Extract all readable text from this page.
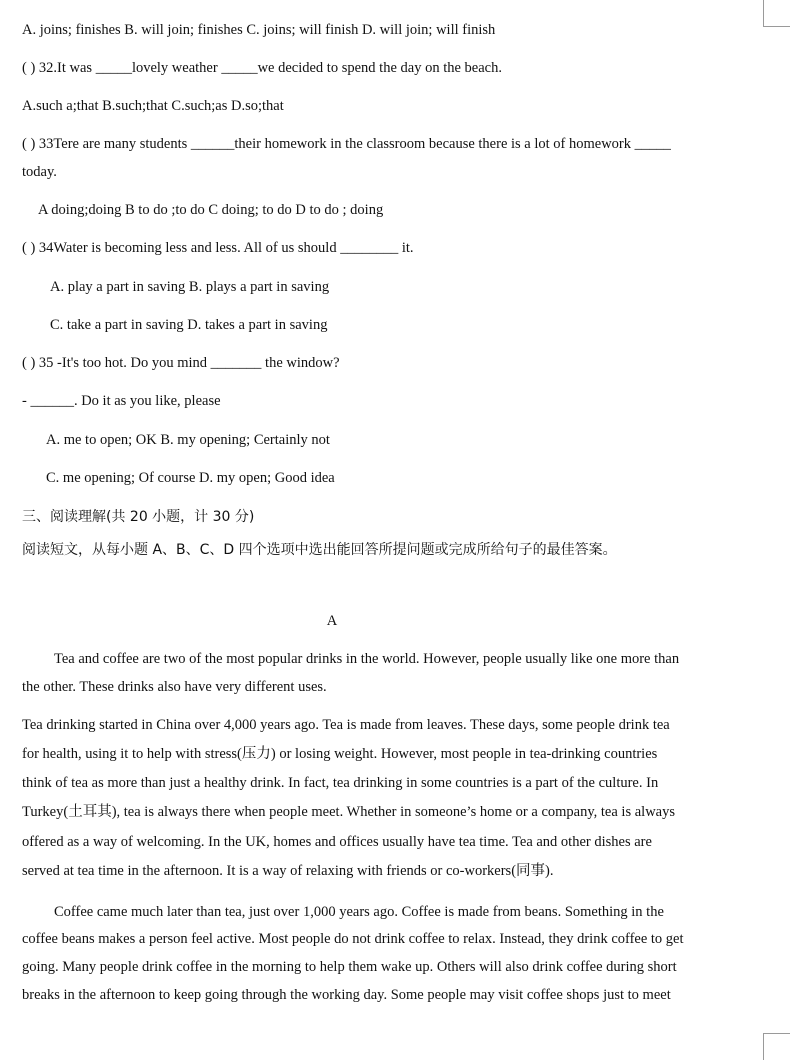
A. joins; finishes B. will join; finishes C. joins; will finish D. will join; will finish
( ) 32.It was _____lovely weather _____we decided to spend the day on the beach.
A.such a;that B.such;that C.such;as D.so;that
( ) 33Tere are many students ______their homework in the classroom because there is a lot of homework _____
today.
A doing;doing B to do ;to do C doing; to do D to do ; doing
( ) 34Water is becoming less and less. All of us should ________ it.
A. play a part in saving B. plays a part in saving
C. take a part in saving D. takes a part in saving
( ) 35 -It's too hot. Do you mind _______ the window?
- ______. Do it as you like, please
A. me to open; OK B. my opening; Certainly not
C. me opening; Of course D. my open; Good idea
三、阅读理解(共 20 小题，计 30 分)
阅读短文，从每小题 A、B、C、D 四个选项中选出能回答所提问题或完成所给句子的最佳答案。
A
Tea and coffee are two of the most popular drinks in the world. However, people usually like one more than
the other. These drinks also have very different uses.
Tea drinking started in China over 4,000 years ago. Tea is made from leaves. These days, some people drink tea
for health, using it to help with stress(压力) or losing weight. However, most people in tea-drinking countries
think of tea as more than just a healthy drink. In fact, tea drinking in some countries is a part of the culture. In
Turkey(土耳其), tea is always there when people meet. Whether in someone’s home or a company, tea is always
offered as a way of welcoming. In the UK, homes and offices usually have tea time. Tea and other dishes are
served at tea time in the afternoon. It is a way of relaxing with friends or co-workers(同事).
Coffee came much later than tea, just over 1,000 years ago. Coffee is made from beans. Something in the
coffee beans makes a person feel active. Most people do not drink coffee to relax. Instead, they drink coffee to get
going. Many people drink coffee in the morning to help them wake up. Others will also drink coffee during short
breaks in the afternoon to keep going through the working day. Some people may visit coffee shops just to meet
